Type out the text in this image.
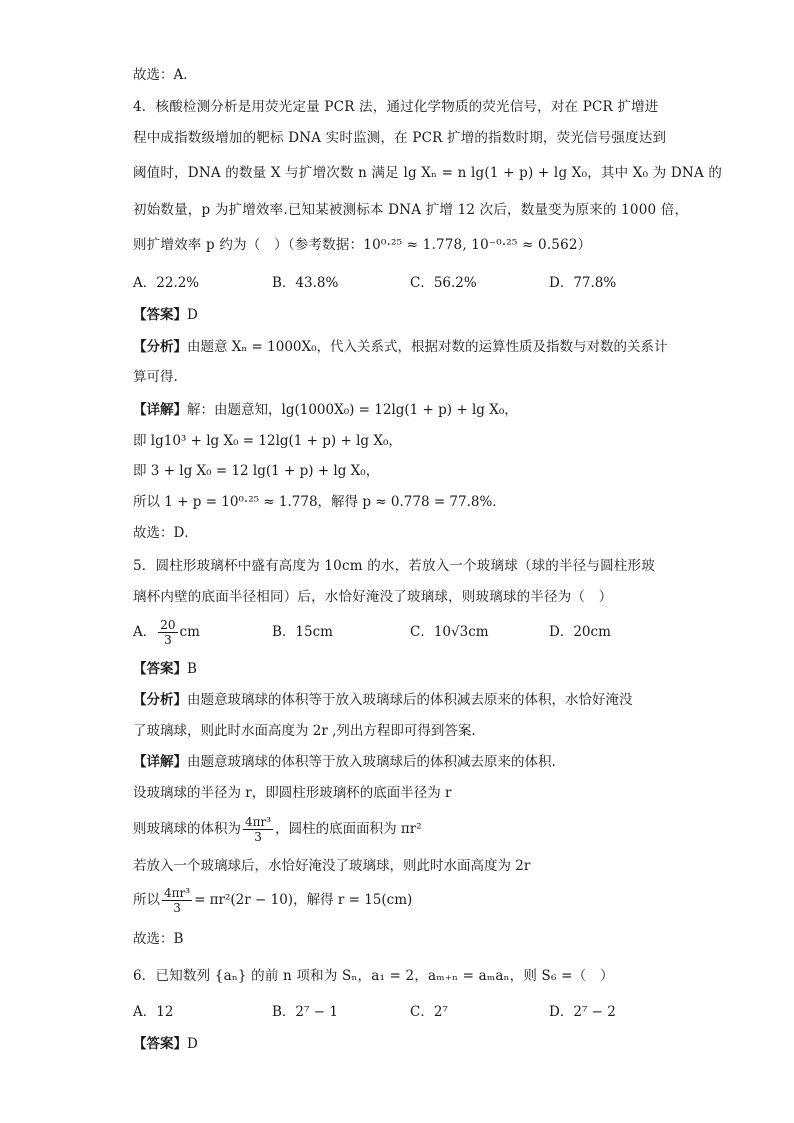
故选：A．
4．核酸检测分析是用荧光定量 PCR 法，通过化学物质的荧光信号，对在 PCR 扩增进
程中成指数级增加的靶标 DNA 实时监测，在 PCR 扩增的指数时期，荧光信号强度达到
阈值时，DNA 的数量 X 与扩增次数 n 满足 lg Xₙ = n lg(1 + p) + lg X₀，其中 X₀ 为 DNA 的
初始数量，p 为扩增效率.已知某被测标本 DNA 扩增 12 次后，数量变为原来的 1000 倍，
则扩增效率 p 约为（　）（参考数据：10⁰·²⁵ ≈ 1.778, 10⁻⁰·²⁵ ≈ 0.562）
A．22.2%	B．43.8%	C．56.2%	D．77.8%
【答案】D
【分析】由题意 Xₙ = 1000X₀，代入关系式，根据对数的运算性质及指数与对数的关系计
算可得.
【详解】解：由题意知，lg(1000X₀) = 12lg(1 + p) + lg X₀，
即 lg10³ + lg X₀ = 12lg(1 + p) + lg X₀，
即 3 + lg X₀ = 12 lg(1 + p) + lg X₀，
所以 1 + p = 10⁰·²⁵ ≈ 1.778，解得 p ≈ 0.778 = 77.8%．
故选：D．
5．圆柱形玻璃杯中盛有高度为 10cm 的水，若放入一个玻璃球（球的半径与圆柱形玻
璃杯内壁的底面半径相同）后，水恰好淹没了玻璃球，则玻璃球的半径为（　）
A． $\frac{20}{3}$ cm	B．15cm	C．10√3cm	D．20cm
【答案】B
【分析】由题意玻璃球的体积等于放入玻璃球后的体积减去原来的体积，水恰好淹没
了玻璃球，则此时水面高度为 2r ,列出方程即可得到答案.
【详解】由题意玻璃球的体积等于放入玻璃球后的体积减去原来的体积.
设玻璃球的半径为 r，即圆柱形玻璃杯的底面半径为 r
则玻璃球的体积为 $\frac{\text{4πr³}}{3}$ ，圆柱的底面面积为 πr²
若放入一个玻璃球后，水恰好淹没了玻璃球，则此时水面高度为 2r
所以 $\frac{\text{4πr³}}{3} = \pi r^2(2r - 10)$，解得 r = 15(cm)
故选：B
6．已知数列 {aₙ} 的前 n 项和为 Sₙ，a₁ = 2，aₘ₊ₙ = aₘaₙ，则 S₆ =（　）
A．12	B．2⁷ − 1	C．2⁷	D．2⁷ − 2
【答案】D
